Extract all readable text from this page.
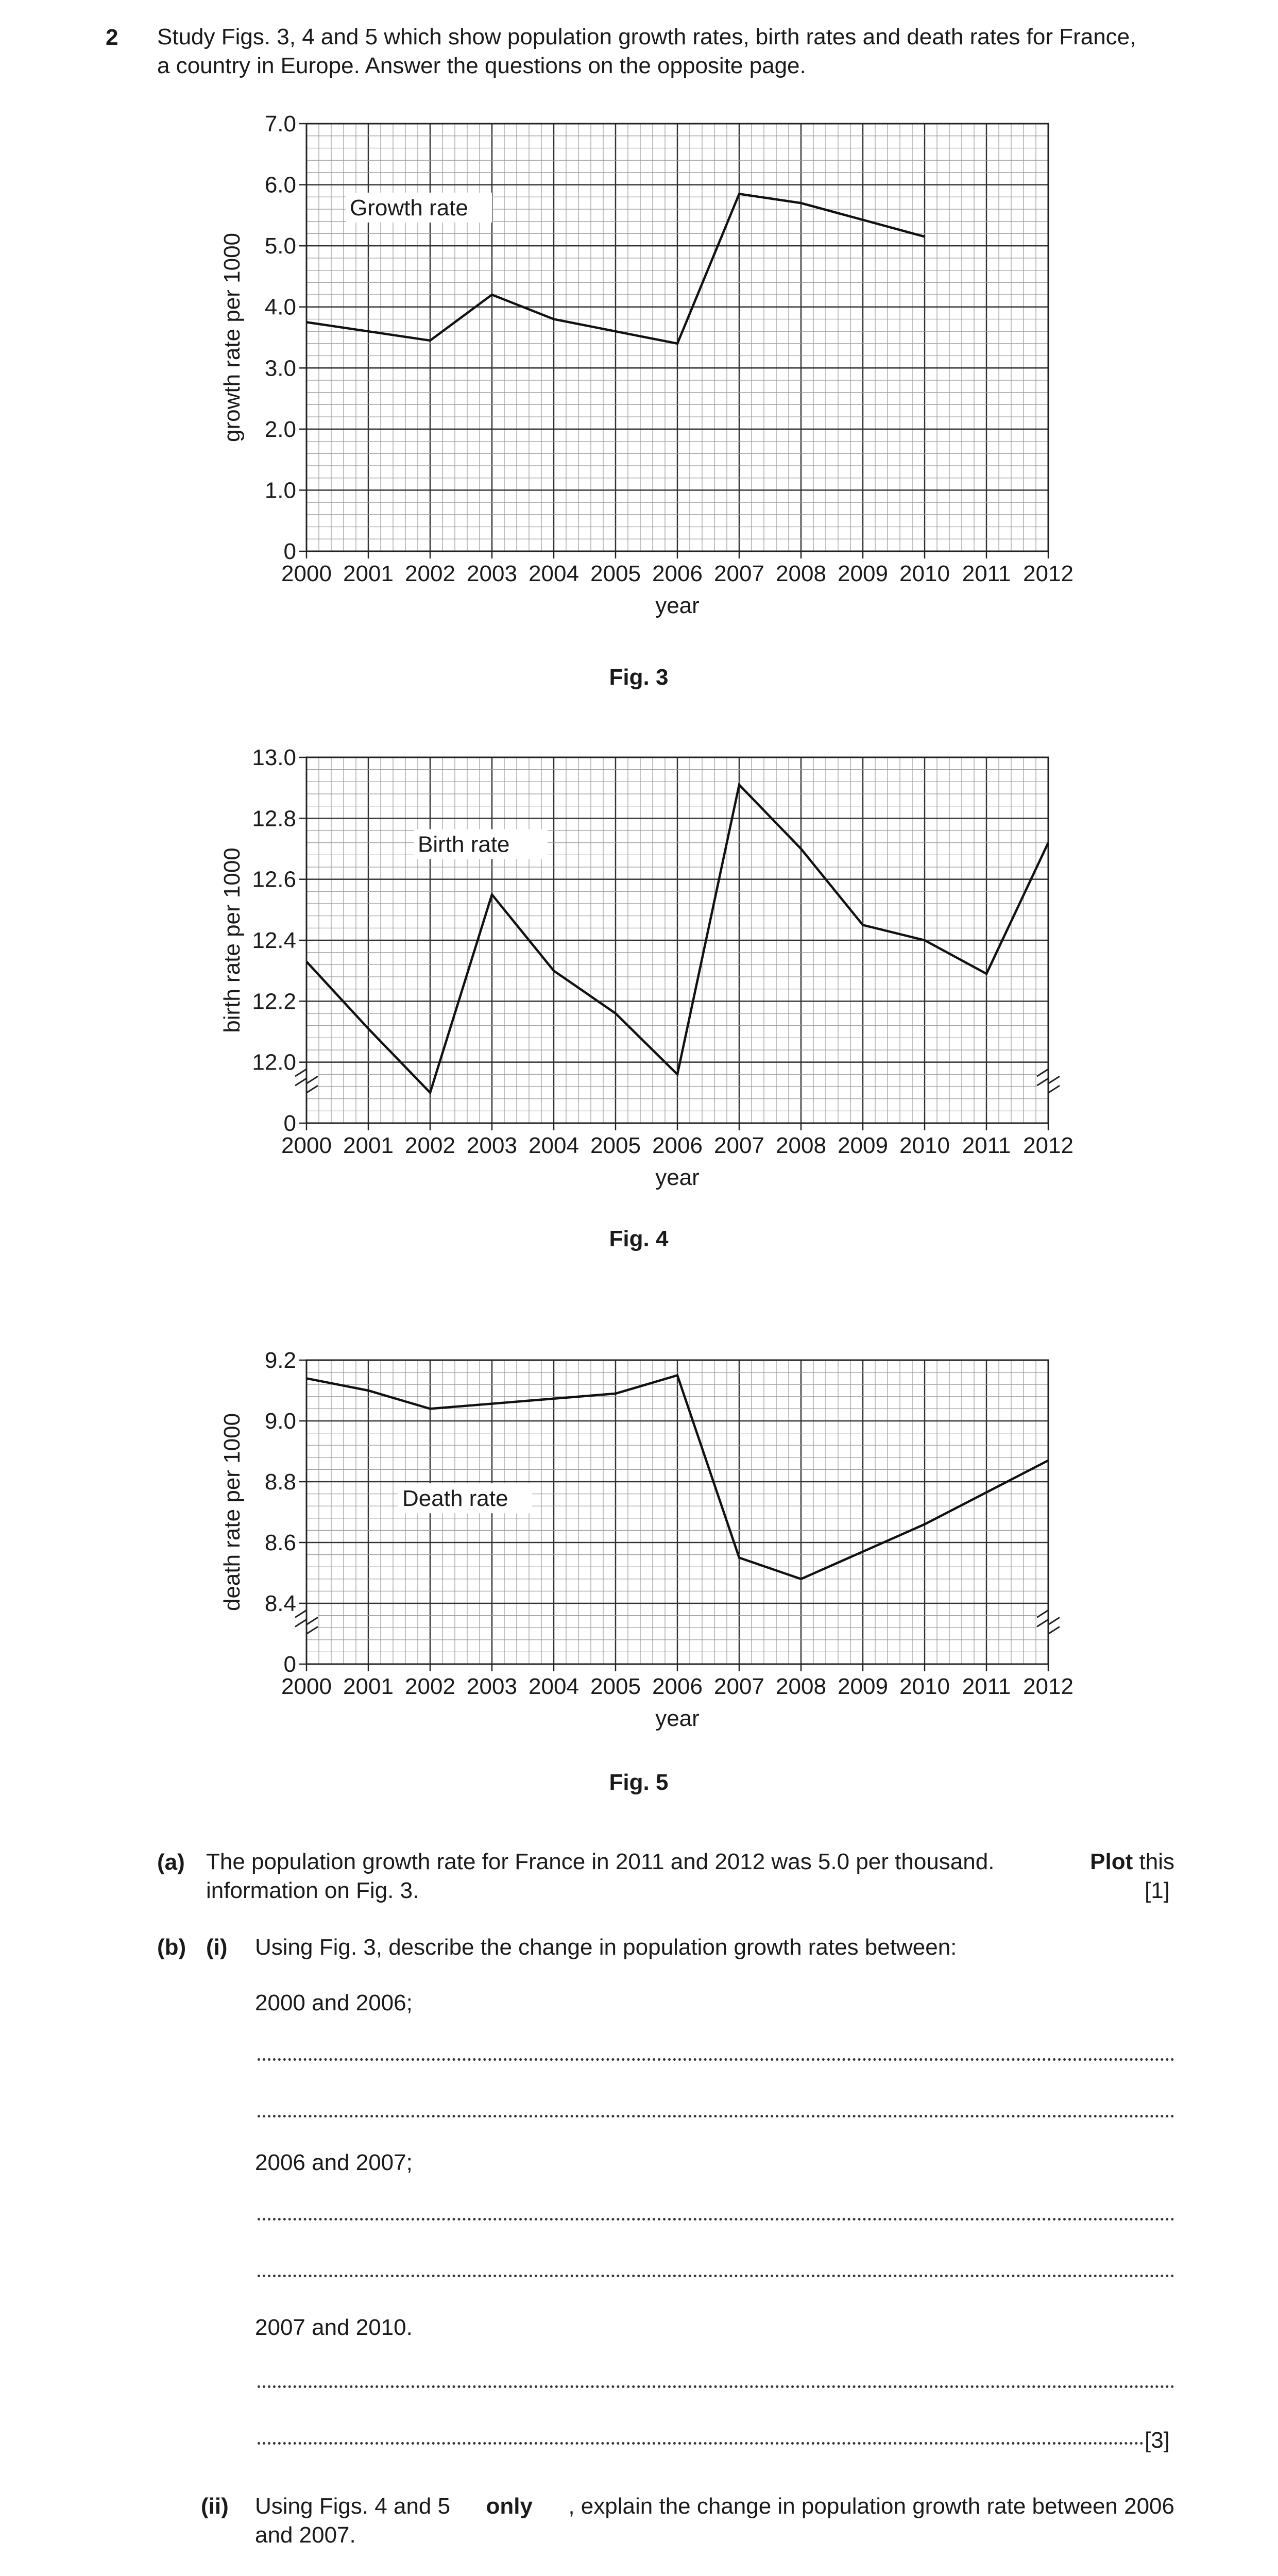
2 Study Figs. 3, 4 and 5 which show population growth rates, birth rates and death rates for France,
a country in Europe. Answer the questions on the opposite page.
2000 2001 2002 2003 2004 2005 2006 2007 2008 2009 2010 2011 2012
0
1.0
2.0
3.0
4.0
5.0
6.0
7.0
year
growth rate per 1000
Growth rate
Fig. 3
2000 2001 2002 2003 2004 2005 2006 2007 2008 2009 2010 2011 2012
0
12.0
12.2
12.4
12.6
12.8
13.0
year
birth rate per 1000
Birth rate
Fig. 4
2000 2001 2002 2003 2004 2005 2006 2007 2008 2009 2010 2011 2012
0
8.4
8.6
8.8
9.0
9.2
year
death rate per 1000	Death rate
Fig. 5
(a) The population growth rate for France in 2011 and 2012 was 5.0 per thousand.	Plot this
information on Fig. 3.	[1]
(b) (i) Using Fig. 3, describe the change in population growth rates between:
2000 and 2006;
2006 and 2007;
2007 and 2010.
[3]
(ii) Using Figs. 4 and 5 only , explain the change in population growth rate between 2006
and 2007.
